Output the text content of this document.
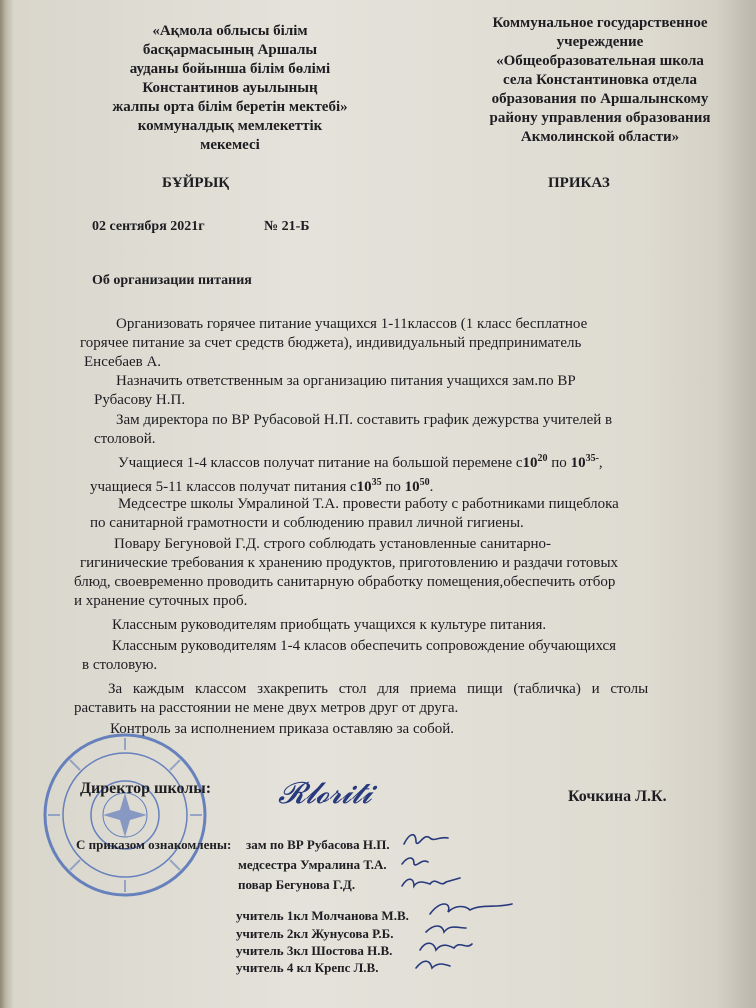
«Ақмола облысы білім
басқармасының Аршалы
ауданы бойынша білім бөлімі
Константинов ауылының
жалпы орта білім беретін мектебі»
коммуналдық мемлекеттік
мекемесі
Коммунальное государственное
учереждение
«Общеобразовательная школа
села Константиновка отдела
образования по Аршалынскому
району управления образования
Акмолинской области»
БҰЙРЫҚ	ПРИКАЗ
02 сентября 2021г	№ 21-Б
Об организации питания
Организовать горячее питание учащихся 1-11классов (1 класс бесплатное
горячее питание за счет средств бюджета), индивидуальный предприниматель
Енсебаев А.
Назначить ответственным за организацию питания учащихся зам.по ВР
Рубасову Н.П.
Зам директора по ВР Рубасовой Н.П. составить график дежурства учителей в
столовой.
Учащиеся 1-4 классов получат питание на большой перемене $с10^{20}$ по $10^{35-}$,
учащиеся 5-11 классов получат питания $с10^{35}$ по $10^{50}$.
Медсестре школы Умралиной Т.А. провести работу с работниками пищеблока
по санитарной грамотности и соблюдению правил личной гигиены.
Повару Бегуновой Г.Д. строго соблюдать установленные санитарно-
гигинические требования к хранению продуктов, приготовлению и раздачи готовых
блюд, своевременно проводить санитарную обработку помещения,обеспечить отбор
и хранение суточных проб.
Классным руководителям приобщать учащихся к культуре питания.
Классным руководителям 1-4 класов обеспечить сопровождение обучающихся
в столовую.
За каждым классом зхакрепить стол для приема пищи (табличка) и столы
раставить на расстоянии не мене двух метров друг от друга.
Контроль за исполнением приказа оставляю за собой.
Директор школы: 𝓡𝓵𝓸𝓻𝓲𝓽𝓲	Кочкина Л.К.
С приказом ознакомлены: зам по ВР Рубасова Н.П.
медсестра Умралина Т.А.
повар Бегунова Г.Д.
учитель 1кл Молчанова М.В.
учитель 2кл Жунусова Р.Б.
учитель 3кл Шостова Н.В.
учитель 4 кл Крепс Л.В.
